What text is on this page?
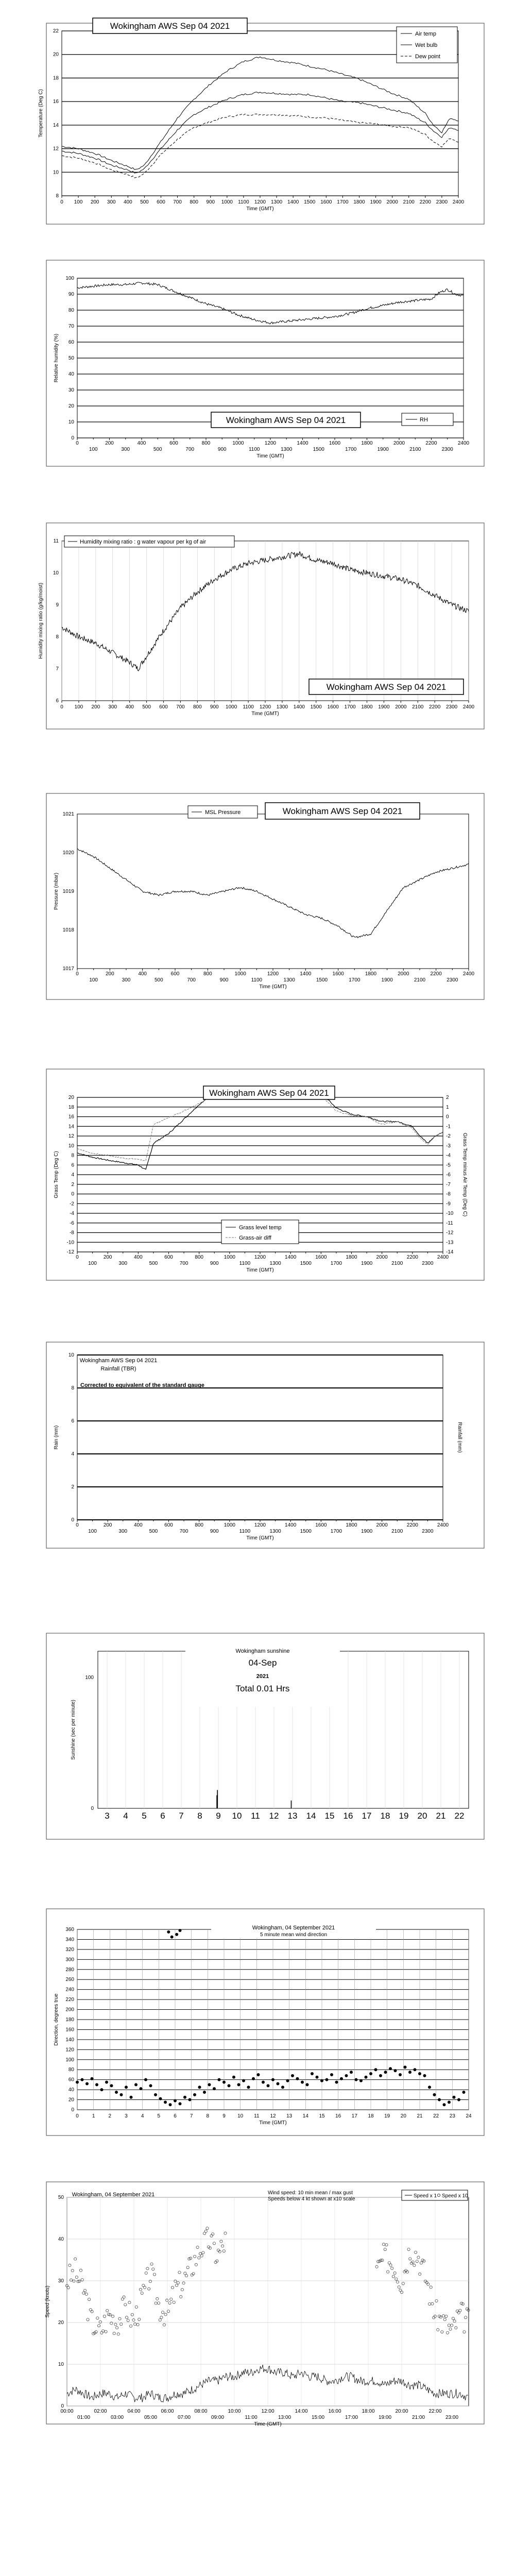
8
10
12
14
16
18
20
22
Temperature (Deg C)
0 100 200 300 400 500 600 700 800 900 1000 1100 1200 1300 1400 1500 1600 1700 1800 1900 2000 2100 2200 2300 2400
Time (GMT)
Wokingham AWS Sep 04 2021
Air temp
Wet bulb
Dew point
0
10
20
30
40
50
60
70
80
90
100
Relative humidity (%)
0	200	400	600	800	1000	1200	1400	1600	1800	2000	2200	2400
100	300	500	700	900	1100	1300	1500	1700	1900	2100	2300
Time (GMT)
Wokingham AWS Sep 04 2021	RH
6
7
8
9
10
11
Humidity mixing ratio (g/kg/moist)
0 100 200 300 400 500 600 700 800 900 1000 1100 1200 1300 1400 1500 1600 1700 1800 1900 2000 2100 2200 2300 2400
Time (GMT)
Humidity mixing ratio : g water vapour per kg of air
Wokingham AWS Sep 04 2021
1017
1018
1019
1020
1021
Pressure (mbar)
0	200	400	600	800	1000	1200	1400	1600	1800	2000	2200	2400
100	300	500	700	900	1100	1300	1500	1700	1900	2100	2300
Time (GMT)
MSL Pressure	Wokingham AWS Sep 04 2021
-12
-10
-8
-6
-4
-2
0
2
4
6
8
10
12
14
16
18
20
Grass Temp (Deg C)
0	200	400	600	800	1000	1200	1400	1600	1800	2000	2200	2400
100	300	500	700	900	1100	1300	1500	1700	1900	2100	2300
Time (GMT)
-14
-13
-12
-11
-10
-9
-8
-7
-6
-5
-4
-3
-2
-1
0
1
2
Grass Temp minus Air Temp (Deg C)
Wokingham AWS Sep 04 2021
Grass level temp
Grass-air diff
0
2
4
6
8
10
Rain (mm)	Rainfall (mm)
0	200	400	600	800	1000	1200	1400	1600	1800	2000	2200	2400
100	300	500	700	900	1100	1300	1500	1700	1900	2100	2300
Time (GMT)
Wokingham AWS Sep 04 2021
Rainfall (TBR)
Corrected to equivalent of the standard gauge
0
100
Sunshine (sec per minute)
3 4 5 6 7 8 9 10 11 12 13 14 15 16 17 18 19 20 21 22
Wokingham sunshine
04-Sep
2021
Total 0.01 Hrs
0
20
40
60
80
100
120
140
160
180
200
220
240
260
280
300
320
340
360
Direction, degrees true
0	1	2	3	4	5	6	7	8	9 10 11 12 13 14 15 16 17 18 19 20 21 22 23 24
Time (GMT)
Wokingham, 04 September 2021
5 minute mean wind direction
0
10
20
30
40
50
Speed (knots)
00:00	02:00	04:00	06:00	08:00	10:00	12:00	14:00	16:00	18:00	20:00	22:00
01:00	03:00	05:00	07:00	09:00	11:00	13:00	15:00	17:00	19:00	21:00	23:00
Time (GMT)
Wokingham, 04 September 2021	Wind speed: 10 min mean / max gust
Speeds below 4 kt shown at x10 scale
Speed x 1 Speed x 10
